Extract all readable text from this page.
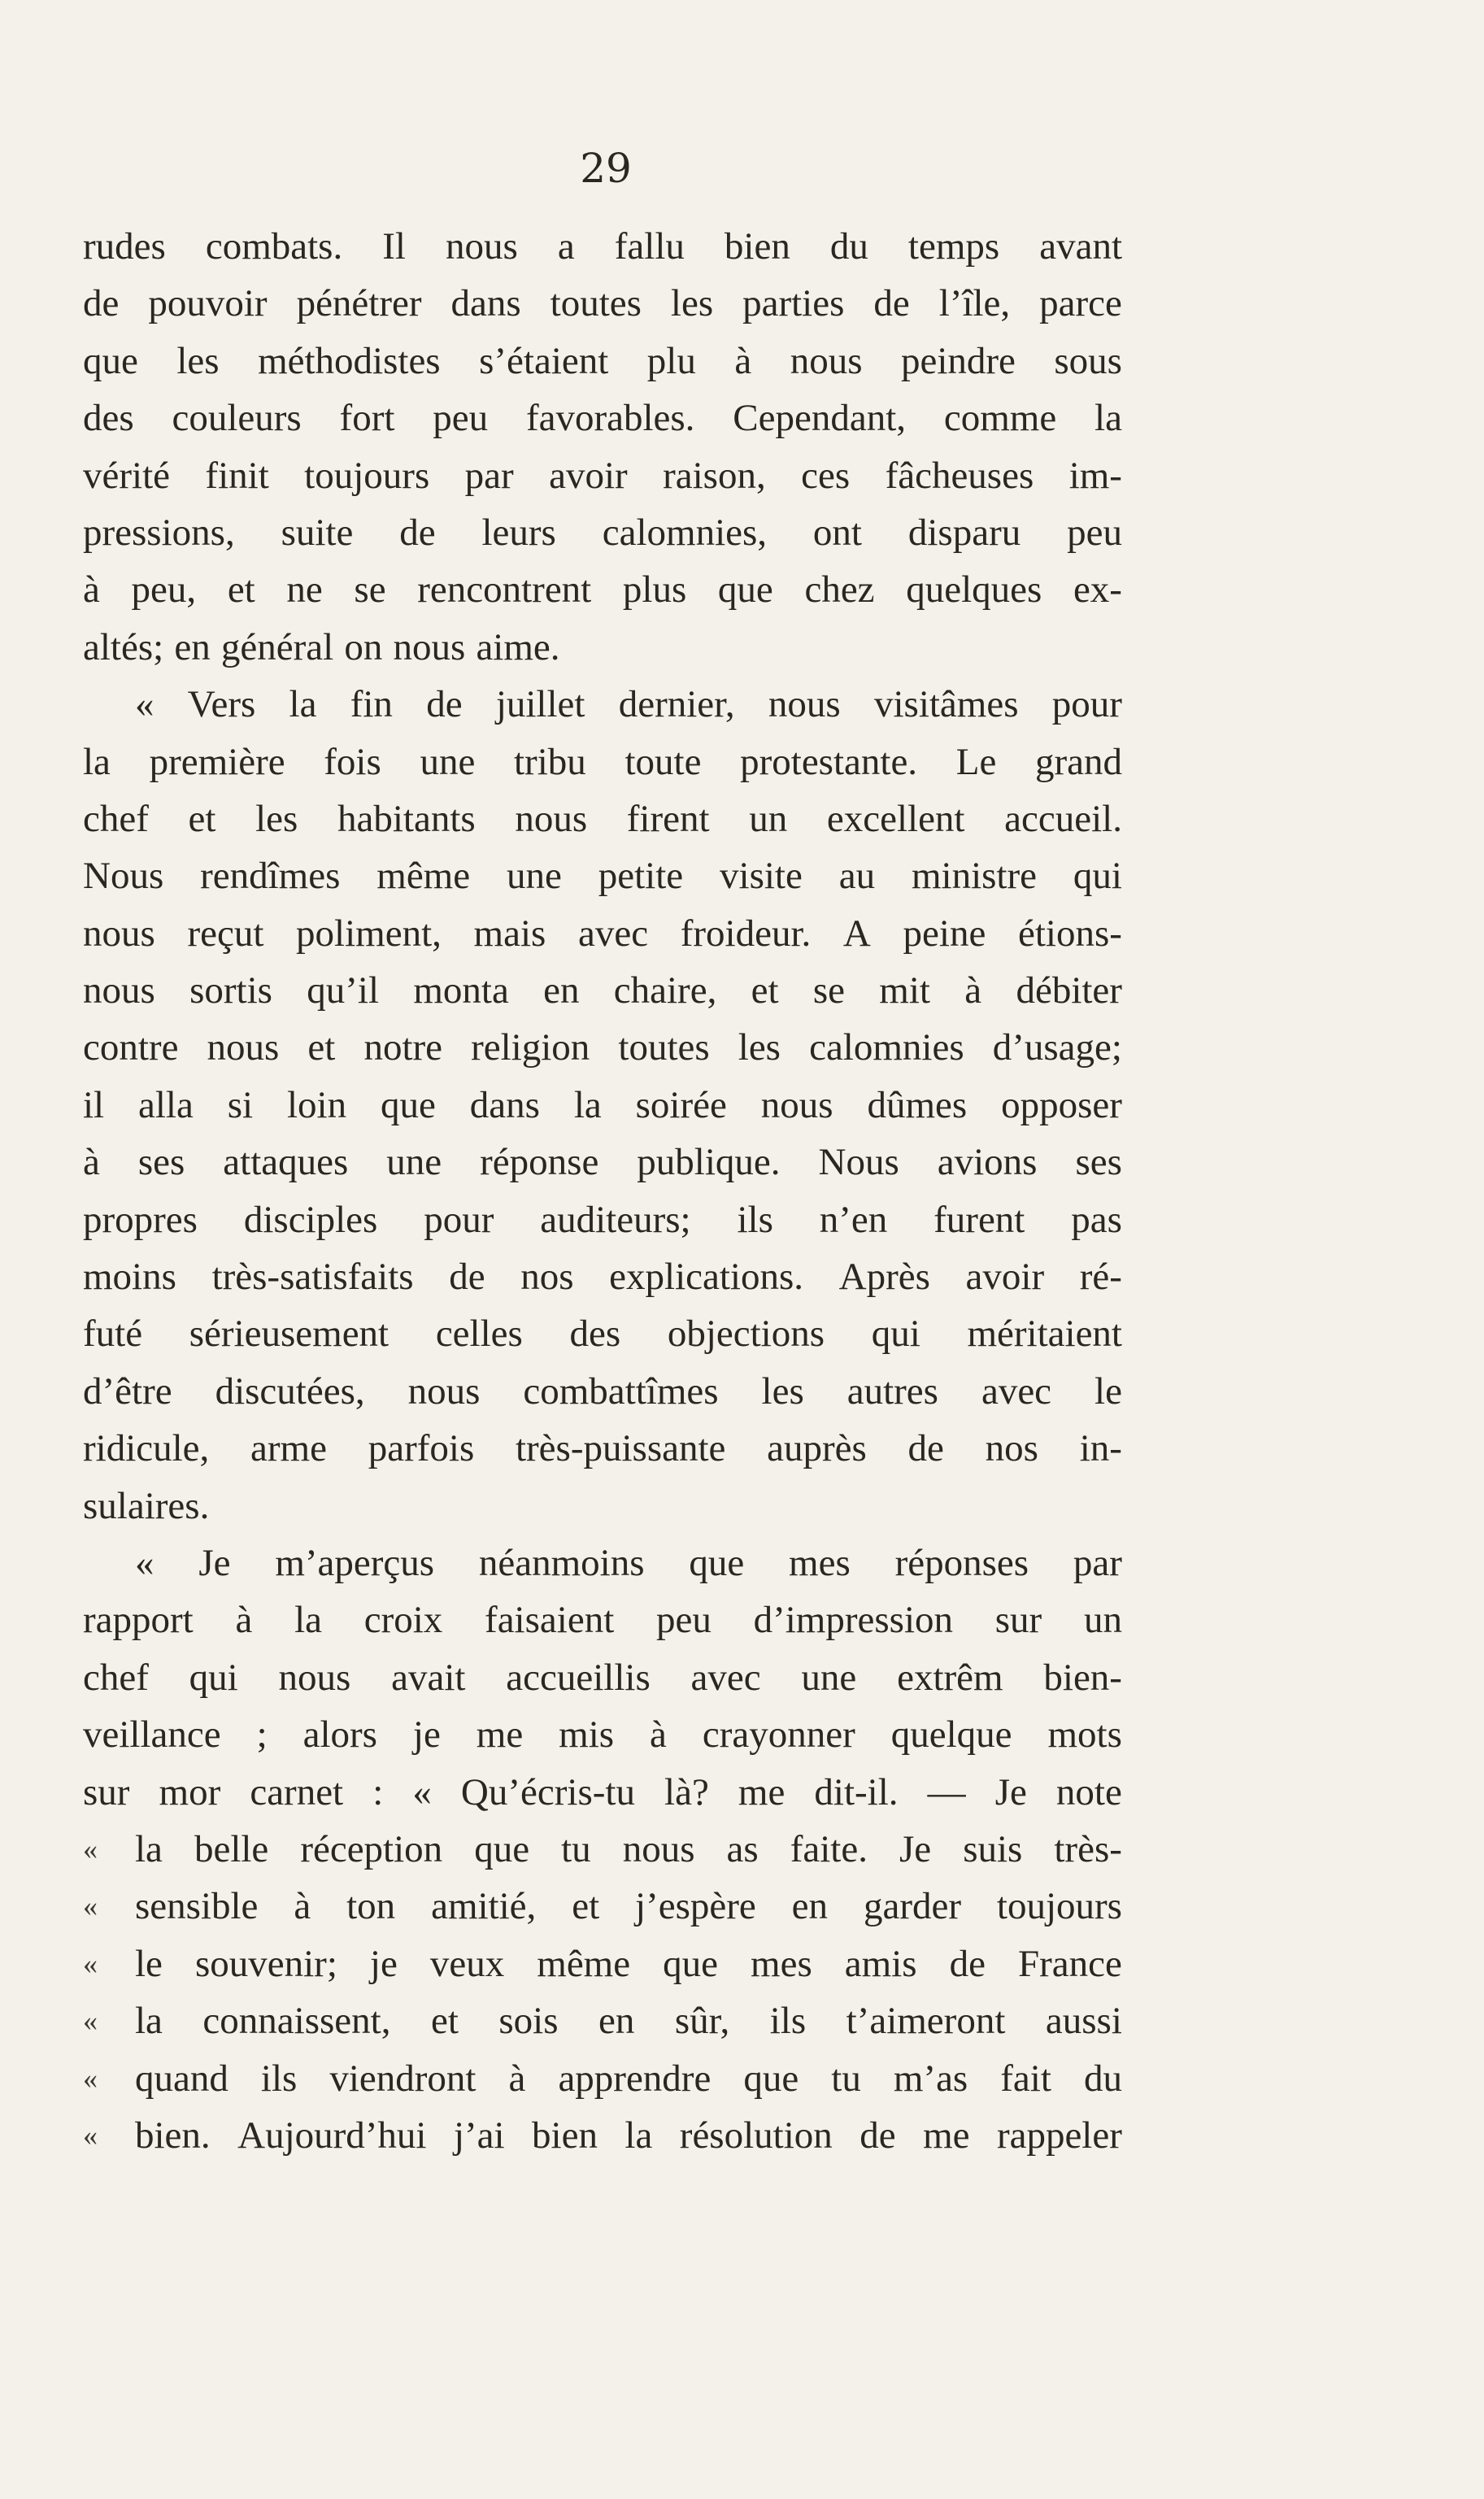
29
rudes combats. Il nous a fallu bien du temps avant
de pouvoir pénétrer dans toutes les parties de l’île, parce
que les méthodistes s’étaient plu à nous peindre sous
des couleurs fort peu favorables. Cependant, comme la
vérité finit toujours par avoir raison, ces fâcheuses im-
pressions, suite de leurs calomnies, ont disparu peu
à peu, et ne se rencontrent plus que chez quelques ex-
altés; en général on nous aime.
« Vers la fin de juillet dernier, nous visitâmes pour
la première fois une tribu toute protestante. Le grand
chef et les habitants nous firent un excellent accueil.
Nous rendîmes même une petite visite au ministre qui
nous reçut poliment, mais avec froideur. A peine étions-
nous sortis qu’il monta en chaire, et se mit à débiter
contre nous et notre religion toutes les calomnies d’usage;
il alla si loin que dans la soirée nous dûmes opposer
à ses attaques une réponse publique. Nous avions ses
propres disciples pour auditeurs; ils n’en furent pas
moins très-satisfaits de nos explications. Après avoir ré-
futé sérieusement celles des objections qui méritaient
d’être discutées, nous combattîmes les autres avec le
ridicule, arme parfois très-puissante auprès de nos in-
sulaires.
« Je m’aperçus néanmoins que mes réponses par
rapport à la croix faisaient peu d’impression sur un
chef qui nous avait accueillis avec une extrêm bien-
veillance ; alors je me mis à crayonner quelque mots
sur mor carnet : « Qu’écris-tu là? me dit-il. — Je note
« la belle réception que tu nous as faite. Je suis très-
« sensible à ton amitié, et j’espère en garder toujours
« le souvenir; je veux même que mes amis de France
« la connaissent, et sois en sûr, ils t’aimeront aussi
« quand ils viendront à apprendre que tu m’as fait du
« bien. Aujourd’hui j’ai bien la résolution de me rappeler
